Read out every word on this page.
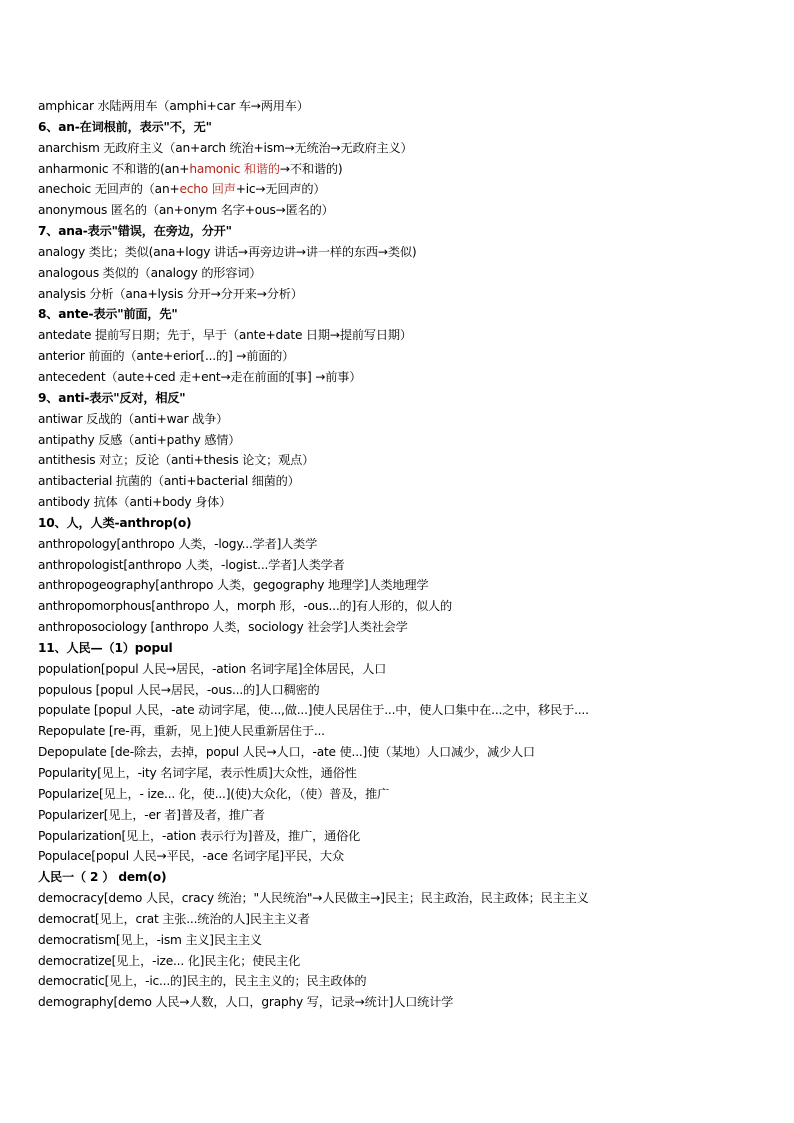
amphicar 水陆两用车（amphi+car 车→两用车）
6、an-在词根前，表示"不，无"
anarchism 无政府主义（an+arch 统治+ism→无统治→无政府主义）
anharmonic 不和谐的(an+hamonic 和谐的→不和谐的)
anechoic 无回声的（an+echo 回声+ic→无回声的）
anonymous 匿名的（an+onym 名字+ous→匿名的）
7、ana-表示"错误，在旁边，分开"
analogy 类比；类似(ana+logy 讲话→再旁边讲→讲一样的东西→类似)
analogous 类似的（analogy 的形容词）
analysis 分析（ana+lysis 分开→分开来→分析）
8、ante-表示"前面，先"
antedate 提前写日期；先于，早于（ante+date 日期→提前写日期）
anterior 前面的（ante+erior[...的] →前面的）
antecedent（aute+ced 走+ent→走在前面的[事] →前事）
9、anti-表示"反对，相反"
antiwar 反战的（anti+war 战争）
antipathy 反感（anti+pathy 感情）
antithesis 对立；反论（anti+thesis 论文；观点）
antibacterial 抗菌的（anti+bacterial 细菌的）
antibody 抗体（anti+body 身体）
10、人，人类-anthrop(o)
anthropology[anthropo 人类，-logy...学者]人类学
anthropologist[anthropo 人类，-logist...学者]人类学者
anthropogeography[anthropo 人类，gegography 地理学]人类地理学
anthropomorphous[anthropo 人，morph 形，-ous...的]有人形的，似人的
anthroposociology [anthropo 人类，sociology 社会学]人类社会学
11、人民—（1）popul
population[popul 人民→居民，-ation 名词字尾]全体居民，人口
populous [popul 人民→居民，-ous...的]人口稠密的
populate [popul 人民，-ate 动词字尾，使...,做...]使人民居住于...中，使人口集中在...之中，移民于....
Repopulate [re-再，重新，见上]使人民重新居住于...
Depopulate [de-除去，去掉，popul 人民→人口，-ate 使...]使（某地）人口减少，减少人口
Popularity[见上，-ity 名词字尾，表示性质]大众性，通俗性
Popularize[见上，- ize... 化，使...](使)大众化，（使）普及，推广
Popularizer[见上，-er 者]普及者，推广者
Popularization[见上，-ation 表示行为]普及，推广，通俗化
Populace[popul 人民→平民，-ace 名词字尾]平民，大众
人民一（ 2 ） dem(o)
democracy[demo 人民，cracy 统治；"人民统治"→人民做主→]民主；民主政治，民主政体；民主主义
democrat[见上，crat 主张...统治的人]民主主义者
democratism[见上，-ism 主义]民主主义
democratize[见上，-ize... 化]民主化；使民主化
democratic[见上，-ic...的]民主的，民主主义的；民主政体的
demography[demo 人民→人数，人口，graphy 写，记录→统计]人口统计学
